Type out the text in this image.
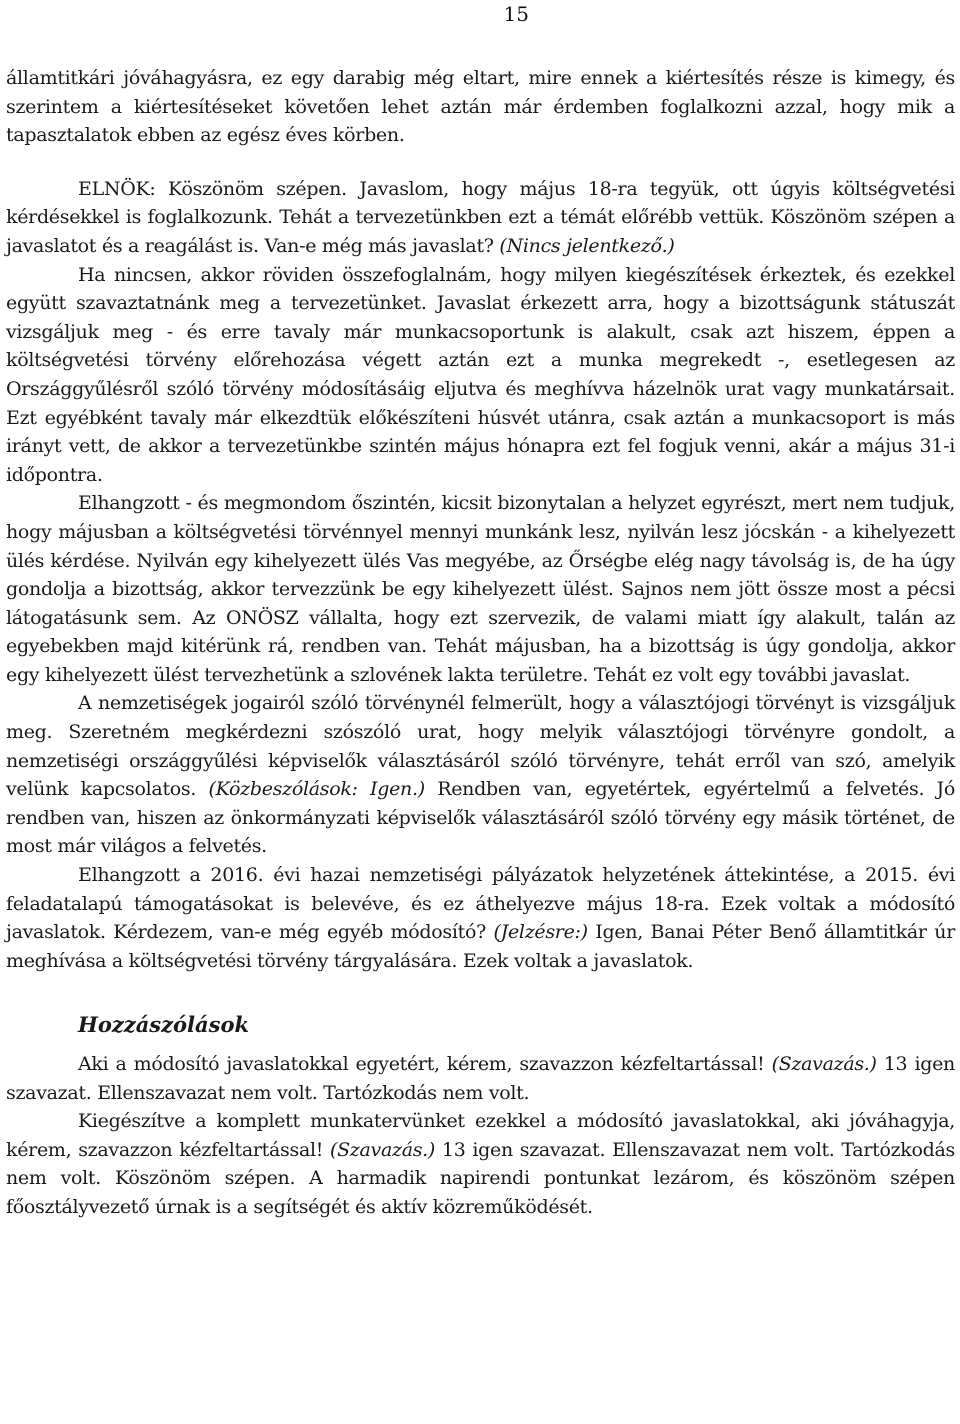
15

államtitkári jóváhagyásra, ez egy darabig még eltart, mire ennek a kiértesítés része is kimegy, és szerintem a kiértesítéseket követően lehet aztán már érdemben foglalkozni azzal, hogy mik a tapasztalatok ebben az egész éves körben.

ELNÖK: Köszönöm szépen. Javaslom, hogy május 18-ra tegyük, ott úgyis költségvetési kérdésekkel is foglalkozunk. Tehát a tervezetünkben ezt a témát előrébb vettük. Köszönöm szépen a javaslatot és a reagálást is. Van-e még más javaslat? (Nincs jelentkező.)

Ha nincsen, akkor röviden összefoglalnám, hogy milyen kiegészítések érkeztek, és ezekkel együtt szavaztatnánk meg a tervezetünket. Javaslat érkezett arra, hogy a bizottságunk státuszát vizsgáljuk meg - és erre tavaly már munkacsoportunk is alakult, csak azt hiszem, éppen a költségvetési törvény előrehozása végett aztán ezt a munka megrekedt -, esetlegesen az Országgyűlésről szóló törvény módosításáig eljutva és meghívva házelnök urat vagy munkatársait. Ezt egyébként tavaly már elkezdtük előkészíteni húsvét utánra, csak aztán a munkacsoport is más irányt vett, de akkor a tervezetünkbe szintén május hónapra ezt fel fogjuk venni, akár a május 31-i időpontra.

Elhangzott - és megmondom őszintén, kicsit bizonytalan a helyzet egyrészt, mert nem tudjuk, hogy májusban a költségvetési törvénnyel mennyi munkánk lesz, nyilván lesz jócskán - a kihelyezett ülés kérdése. Nyilván egy kihelyezett ülés Vas megyébe, az Őrségbe elég nagy távolság is, de ha úgy gondolja a bizottság, akkor tervezzünk be egy kihelyezett ülést. Sajnos nem jött össze most a pécsi látogatásunk sem. Az ONÖSZ vállalta, hogy ezt szervezik, de valami miatt így alakult, talán az egyebekben majd kitérünk rá, rendben van. Tehát májusban, ha a bizottság is úgy gondolja, akkor egy kihelyezett ülést tervezhetünk a szlovének lakta területre. Tehát ez volt egy további javaslat.

A nemzetiségek jogairól szóló törvénynél felmerült, hogy a választójogi törvényt is vizsgáljuk meg. Szeretném megkérdezni szószóló urat, hogy melyik választójogi törvényre gondolt, a nemzetiségi országgyűlési képviselők választásáról szóló törvényre, tehát erről van szó, amelyik velünk kapcsolatos. (Közbeszólások: Igen.) Rendben van, egyetértek, egyértelmű a felvetés. Jó rendben van, hiszen az önkormányzati képviselők választásáról szóló törvény egy másik történet, de most már világos a felvetés.

Elhangzott a 2016. évi hazai nemzetiségi pályázatok helyzetének áttekintése, a 2015. évi feladatalapú támogatásokat is belevéve, és ez áthelyezve május 18-ra. Ezek voltak a módosító javaslatok. Kérdezem, van-e még egyéb módosító? (Jelzésre:) Igen, Banai Péter Benő államtitkár úr meghívása a költségvetési törvény tárgyalására. Ezek voltak a javaslatok.

Hozzászólások

Aki a módosító javaslatokkal egyetért, kérem, szavazzon kézfeltartással! (Szavazás.) 13 igen szavazat. Ellenszavazat nem volt. Tartózkodás nem volt.

Kiegészítve a komplett munkatervünket ezekkel a módosító javaslatokkal, aki jóváhagyja, kérem, szavazzon kézfeltartással! (Szavazás.) 13 igen szavazat. Ellenszavazat nem volt. Tartózkodás nem volt. Köszönöm szépen. A harmadik napirendi pontunkat lezárom, és köszönöm szépen főosztályvezető úrnak is a segítségét és aktív közreműködését.
